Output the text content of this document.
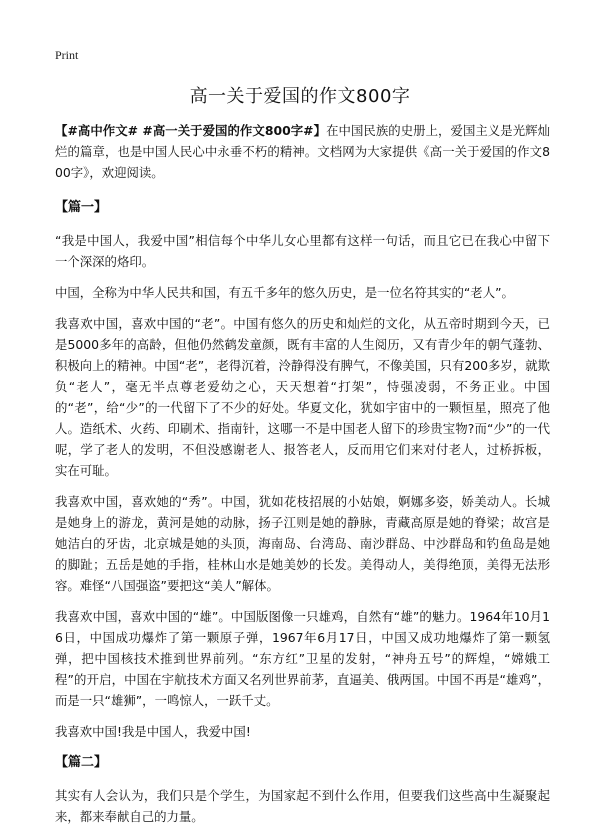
Print
高一关于爱国的作文800字

【#高中作文# #高一关于爱国的作文800字#】在中国民族的史册上，爱国主义是光辉灿烂的篇章，也是中国人民心中永垂不朽的精神。文档网为大家提供《高一关于爱国的作文800字》，欢迎阅读。

【篇一】

“我是中国人，我爱中国”相信每个中华儿女心里都有这样一句话，而且它已在我心中留下一个深深的烙印。

中国，全称为中华人民共和国，有五千多年的悠久历史，是一位名符其实的“老人”。

我喜欢中国，喜欢中国的“老”。中国有悠久的历史和灿烂的文化，从五帝时期到今天，已是5000多年的高龄，但他仍然鹤发童颜，既有丰富的人生阅历，又有青少年的朝气蓬勃、积极向上的精神。中国“老”，老得沉着，泠静得没有脾气，不像美国，只有200多岁，就欺负“老人”，毫无半点尊老爱幼之心，天天想着“打架”，恃强凌弱，不务正业。中国的“老”，给“少”的一代留下了不少的好处。华夏文化，犹如宇宙中的一颗恒星，照亮了他人。造纸术、火药、印刷术、指南针，这哪一不是中国老人留下的珍贵宝物?而“少”的一代呢，学了老人的发明，不但没感谢老人、报答老人，反而用它们来对付老人，过桥拆板，实在可耻。

我喜欢中国，喜欢她的“秀”。中国，犹如花枝招展的小姑娘，婀娜多姿，娇美动人。长城是她身上的游龙，黄河是她的动脉，扬子江则是她的静脉，青藏高原是她的脊梁；故宫是她洁白的牙齿，北京城是她的头顶，海南岛、台湾岛、南沙群岛、中沙群岛和钓鱼岛是她的脚趾；五岳是她的手指，桂林山水是她美妙的长发。美得动人，美得绝顶，美得无法形容。难怪“八国强盗”要把这“美人”解体。

我喜欢中国，喜欢中国的“雄”。中国版图像一只雄鸡，自然有“雄”的魅力。1964年10月16日，中国成功爆炸了第一颗原子弹，1967年6月17日，中国又成功地爆炸了第一颗氢弹，把中国核技术推到世界前列。“东方红”卫星的发射，“神舟五号”的辉煌，“嫦娥工程”的开启，中国在宇航技术方面又名列世界前茅，直逼美、俄两国。中国不再是“雄鸡”，而是一只“雄狮”，一鸣惊人，一跃千丈。

我喜欢中国!我是中国人，我爱中国!

【篇二】

其实有人会认为，我们只是个学生，为国家起不到什么作用，但要我们这些高中生凝聚起来，都来奉献自己的力量。
